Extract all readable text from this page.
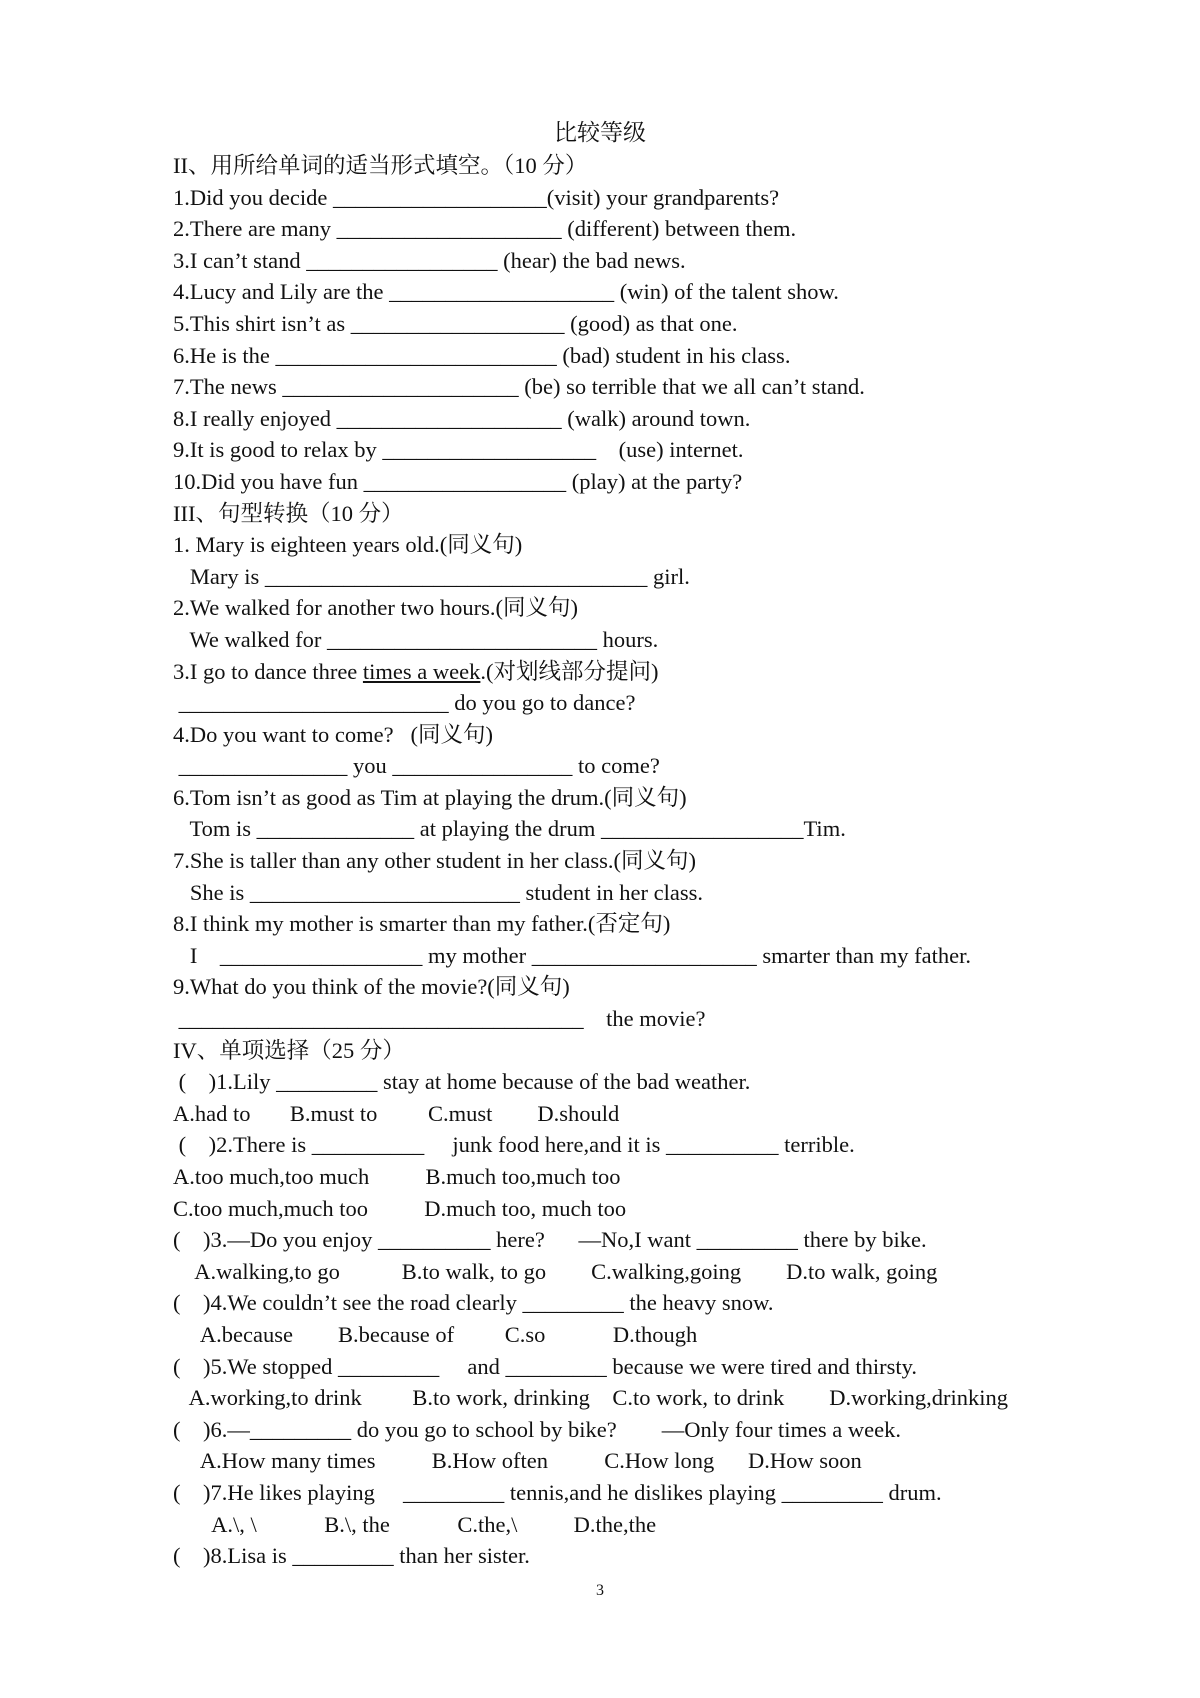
比较等级
II、用所给单词的适当形式填空。（10 分）
1.Did you decide ___________________(visit) your grandparents?
2.There are many ____________________ (different) between them.
3.I can’t stand _________________ (hear) the bad news.
4.Lucy and Lily are the ____________________ (win) of the talent show.
5.This shirt isn’t as ___________________ (good) as that one.
6.He is the _________________________ (bad) student in his class.
7.The news _____________________ (be) so terrible that we all can’t stand.
8.I really enjoyed ____________________ (walk) around town.
9.It is good to relax by ___________________    (use) internet.
10.Did you have fun __________________ (play) at the party?
III、句型转换（10 分）
1. Mary is eighteen years old.(同义句)
Mary is __________________________________ girl.
2.We walked for another two hours.(同义句)
We walked for ________________________ hours.
3.I go to dance three times a week.(对划线部分提问)
________________________ do you go to dance?
4.Do you want to come?   (同义句)
_______________ you ________________ to come?
6.Tom isn’t as good as Tim at playing the drum.(同义句)
Tom is ______________ at playing the drum __________________Tim.
7.She is taller than any other student in her class.(同义句)
She is ________________________ student in her class.
8.I think my mother is smarter than my father.(否定句)
I    __________________ my mother ____________________ smarter than my father.
9.What do you think of the movie?(同义句)
____________________________________    the movie?
IV、单项选择（25 分）
(    )1.Lily _________ stay at home because of the bad weather.
A.had to       B.must to         C.must        D.should
(    )2.There is __________     junk food here,and it is __________ terrible.
A.too much,too much          B.much too,much too
C.too much,much too          D.much too, much too
(    )3.—Do you enjoy __________ here?      —No,I want _________ there by bike.
A.walking,to go           B.to walk, to go        C.walking,going        D.to walk, going
(    )4.We couldn’t see the road clearly _________ the heavy snow.
A.because        B.because of         C.so            D.though
(    )5.We stopped _________     and _________ because we were tired and thirsty.
A.working,to drink         B.to work, drinking    C.to work, to drink        D.working,drinking
(    )6.—_________ do you go to school by bike?        —Only four times a week.
A.How many times          B.How often          C.How long      D.How soon
(    )7.He likes playing     _________ tennis,and he dislikes playing _________ drum.
A.\, \            B.\, the            C.the,\          D.the,the
(    )8.Lisa is _________ than her sister.
3
